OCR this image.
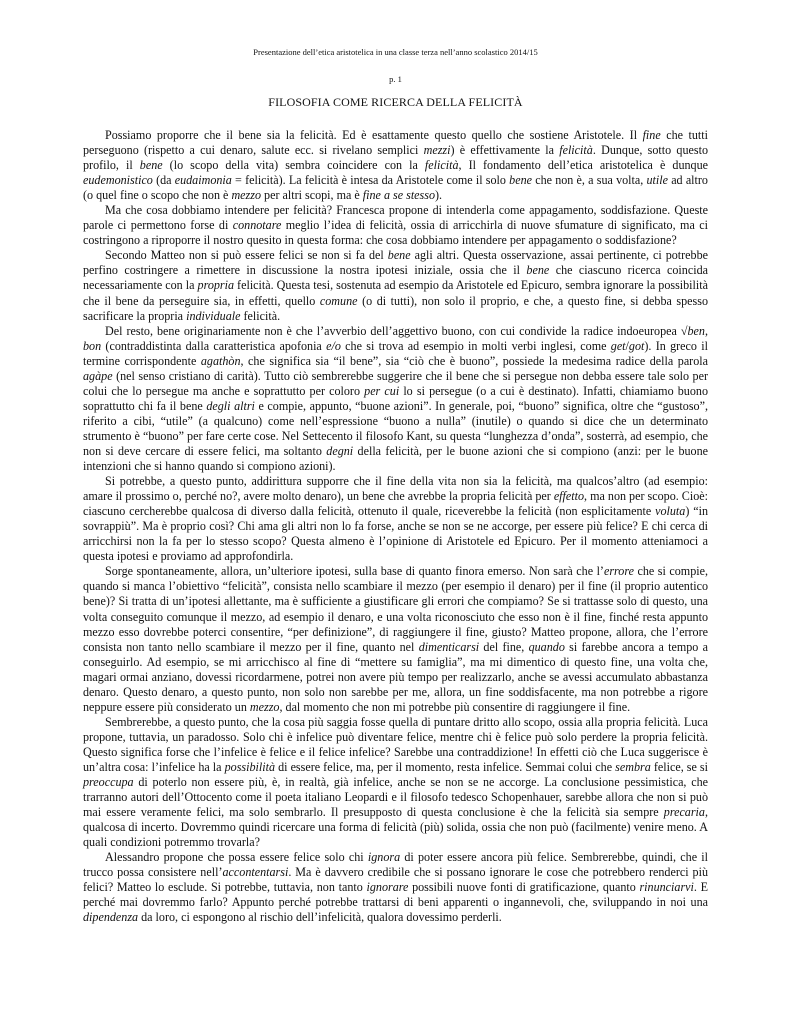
Presentazione dell’etica aristotelica in una classe terza nell’anno scolastico 2014/15
p. 1
FILOSOFIA COME RICERCA DELLA FELICITÀ

Possiamo proporre che il bene sia la felicità. Ed è esattamente questo quello che sostiene Aristotele. Il fine che tutti perseguono (rispetto a cui denaro, salute ecc. si rivelano semplici mezzi) è effettivamente la felicità. Dunque, sotto questo profilo, il bene (lo scopo della vita) sembra coincidere con la felicità, Il fondamento dell’etica aristotelica è dunque eudemonistico (da eudaimonia = felicità). La felicità è intesa da Aristotele come il solo bene che non è, a sua volta, utile ad altro (o quel fine o scopo che non è mezzo per altri scopi, ma è fine a se stesso).

Ma che cosa dobbiamo intendere per felicità? Francesca propone di intenderla come appagamento, soddisfazione. Queste parole ci permettono forse di connotare meglio l’idea di felicità, ossia di arricchirla di nuove sfumature di significato, ma ci costringono a riproporre il nostro quesito in questa forma: che cosa dobbiamo intendere per appagamento o soddisfazione?

Secondo Matteo non si può essere felici se non si fa del bene agli altri. Questa osservazione, assai pertinente, ci potrebbe perfino costringere a rimettere in discussione la nostra ipotesi iniziale, ossia che il bene che ciascuno ricerca coincida necessariamente con la propria felicità. Questa tesi, sostenuta ad esempio da Aristotele ed Epicuro, sembra ignorare la possibilità che il bene da perseguire sia, in effetti, quello comune (o di tutti), non solo il proprio, e che, a questo fine, si debba spesso sacrificare la propria individuale felicità.

Del resto, bene originariamente non è che l’avverbio dell’aggettivo buono, con cui condivide la radice indoeuropea √ben, bon (contraddistinta dalla caratteristica apofonia e/o che si trova ad esempio in molti verbi inglesi, come get/got). In greco il termine corrispondente agathòn, che significa sia “il bene”, sia “ciò che è buono”, possiede la medesima radice della parola agàpe (nel senso cristiano di carità). Tutto ciò sembrerebbe suggerire che il bene che si persegue non debba essere tale solo per colui che lo persegue ma anche e soprattutto per coloro per cui lo si persegue (o a cui è destinato). Infatti, chiamiamo buono soprattutto chi fa il bene degli altri e compie, appunto, “buone azioni”. In generale, poi, “buono” significa, oltre che “gustoso”, riferito a cibi, “utile” (a qualcuno) come nell’espressione “buono a nulla” (inutile) o quando si dice che un determinato strumento è “buono” per fare certe cose. Nel Settecento il filosofo Kant, su questa “lunghezza d’onda”, sosterrà, ad esempio, che non si deve cercare di essere felici, ma soltanto degni della felicità, per le buone azioni che si compiono (anzi: per le buone intenzioni che si hanno quando si compiono azioni).

Si potrebbe, a questo punto, addirittura supporre che il fine della vita non sia la felicità, ma qualcos’altro (ad esempio: amare il prossimo o, perché no?, avere molto denaro), un bene che avrebbe la propria felicità per effetto, ma non per scopo. Cioè: ciascuno cercherebbe qualcosa di diverso dalla felicità, ottenuto il quale, riceverebbe la felicità (non esplicitamente voluta) “in sovrappiù”. Ma è proprio così? Chi ama gli altri non lo fa forse, anche se non se ne accorge, per essere più felice? E chi cerca di arricchirsi non la fa per lo stesso scopo? Questa almeno è l’opinione di Aristotele ed Epicuro. Per il momento atteniamoci a questa ipotesi e proviamo ad approfondirla.

Sorge spontaneamente, allora, un’ulteriore ipotesi, sulla base di quanto finora emerso. Non sarà che l’errore che si compie, quando si manca l’obiettivo “felicità”, consista nello scambiare il mezzo (per esempio il denaro) per il fine (il proprio autentico bene)? Si tratta di un’ipotesi allettante, ma è sufficiente a giustificare gli errori che compiamo? Se si trattasse solo di questo, una volta conseguito comunque il mezzo, ad esempio il denaro, e una volta riconosciuto che esso non è il fine, finché resta appunto mezzo esso dovrebbe poterci consentire, “per definizione”, di raggiungere il fine, giusto? Matteo propone, allora, che l’errore consista non tanto nello scambiare il mezzo per il fine, quanto nel dimenticarsi del fine, quando si farebbe ancora a tempo a conseguirlo. Ad esempio, se mi arricchisco al fine di “mettere su famiglia”, ma mi dimentico di questo fine, una volta che, magari ormai anziano, dovessi ricordarmene, potrei non avere più tempo per realizzarlo, anche se avessi accumulato abbastanza denaro. Questo denaro, a questo punto, non solo non sarebbe per me, allora, un fine soddisfacente, ma non potrebbe a rigore neppure essere più considerato un mezzo, dal momento che non mi potrebbe più consentire di raggiungere il fine.

Sembrerebbe, a questo punto, che la cosa più saggia fosse quella di puntare dritto allo scopo, ossia alla propria felicità. Luca propone, tuttavia, un paradosso. Solo chi è infelice può diventare felice, mentre chi è felice può solo perdere la propria felicità. Questo significa forse che l’infelice è felice e il felice infelice? Sarebbe una contraddizione! In effetti ciò che Luca suggerisce è un’altra cosa: l’infelice ha la possibilità di essere felice, ma, per il momento, resta infelice. Semmai colui che sembra felice, se si preoccupa di poterlo non essere più, è, in realtà, già infelice, anche se non se ne accorge. La conclusione pessimistica, che trarranno autori dell’Ottocento come il poeta italiano Leopardi e il filosofo tedesco Schopenhauer, sarebbe allora che non si può mai essere veramente felici, ma solo sembrarlo. Il presupposto di questa conclusione è che la felicità sia sempre precaria, qualcosa di incerto. Dovremmo quindi ricercare una forma di felicità (più) solida, ossia che non può (facilmente) venire meno. A quali condizioni potremmo trovarla?

Alessandro propone che possa essere felice solo chi ignora di poter essere ancora più felice. Sembrerebbe, quindi, che il trucco possa consistere nell’accontentarsi. Ma è davvero credibile che si possano ignorare le cose che potrebbero renderci più felici? Matteo lo esclude. Si potrebbe, tuttavia, non tanto ignorare possibili nuove fonti di gratificazione, quanto rinunciarvi. E perché mai dovremmo farlo? Appunto perché potrebbe trattarsi di beni apparenti o ingannevoli, che, sviluppando in noi una dipendenza da loro, ci espongono al rischio dell’infelicità, qualora dovessimo perderli.
